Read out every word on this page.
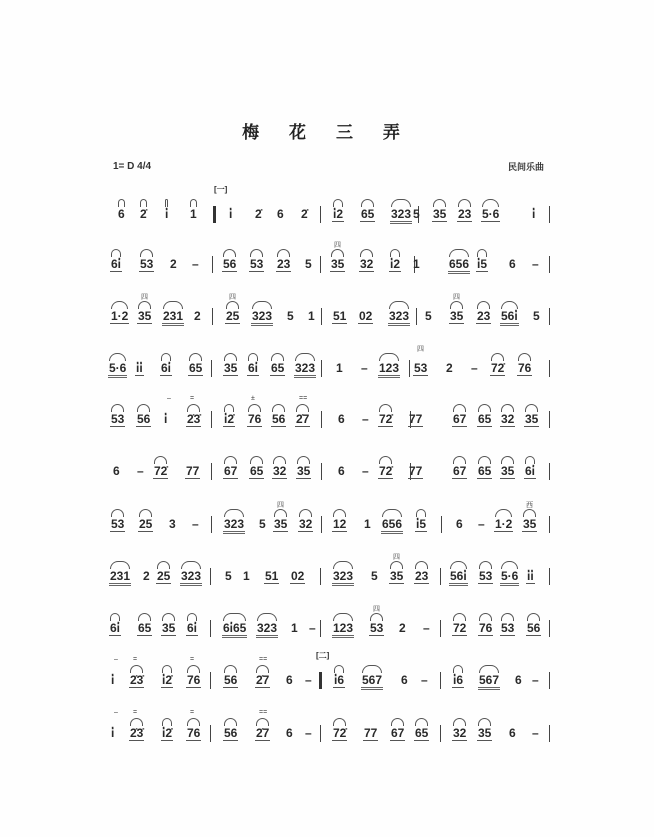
梅 花 三 弄
1= D 4/4	民间乐曲
[一]
[二]
6 2̇ i̇ 1	i̇ 2̇ 6 2̇ i̇2 65 323 5 35 23 5·6	i̇
6i̇ 53 2 – 56 53 23 5
四
35 32 i̇2 1 656 i̇5 6 –
1·2
四
35 231 2
四
25 323 5 1 51 02 323 5
四
35 23 56i̇ 5
5·6 i̇i̇ 6i̇ 65 35 6i̇ 65 323 1 – 123
四
53 2 – 72̇ 76
53 56
–
i̇
=
2̇3̇ i̇2̇
±
76 56
==
2̇7 6 – 72̇ 77	67 65 32 35
6 – 72̇ 77 67 65 32 35 6 – 72̇ 77	67 65 35 6i̇
53 25 3 – 323 5
四
35 32 12 1 656 i̇5 6 – 1·2
西
35
231 2 25 323 5 1 51 02 323 5
四
35 23 56i̇ 53 5·6 i̇i̇
6i̇ 65 35 6i̇ 6i̇65 323 1 – 123
四
53 2 – 72 76 53 56
–
i̇
=
2̇3̇ i̇2̇
=
76 56
==
2̇7 6 – i̇6 567 6 – i̇6 567 6 –
–
i̇
=
2̇3̇ i̇2̇
=
76 56
==
2̇7 6 – 72̇ 77 67 65 32 35 6 –
